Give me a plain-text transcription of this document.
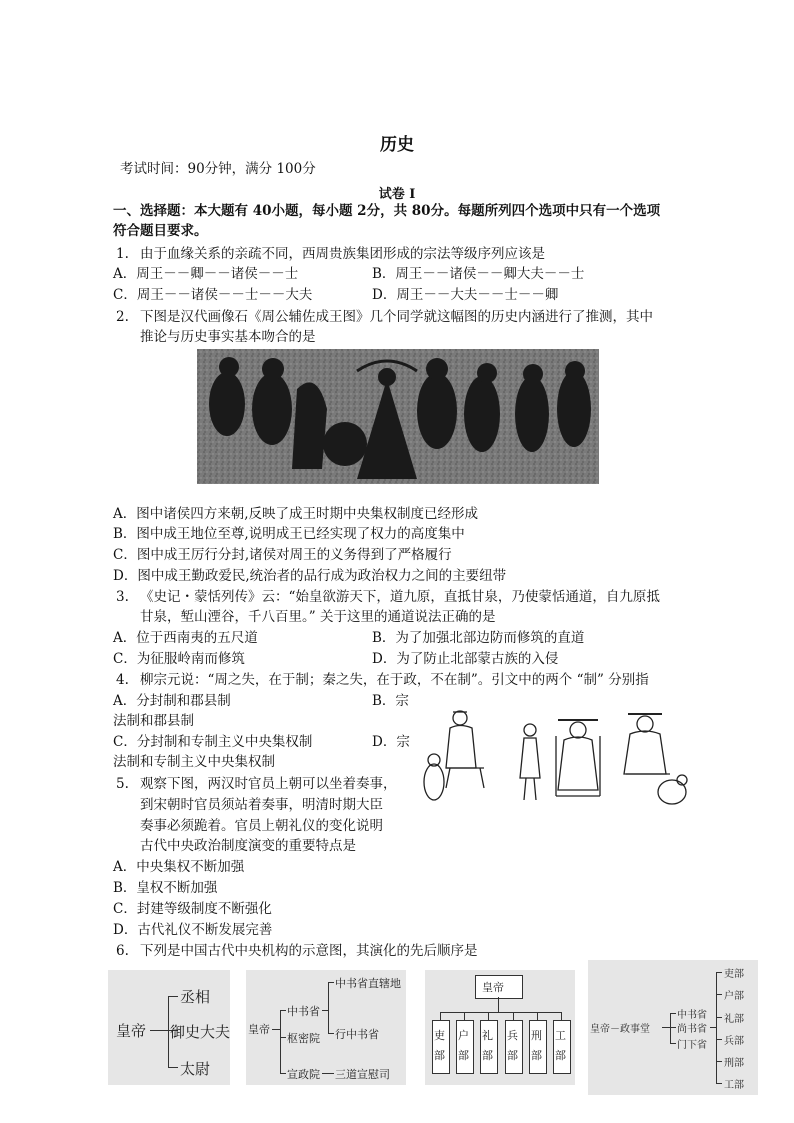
历史
考试时间：90分钟，满分 100分
试卷 I
一、选择题：本大题有 40小题，每小题 2分，共 80分。每题所列四个选项中只有一个选项
符合题目要求。
1. 由于血缘关系的亲疏不同，西周贵族集团形成的宗法等级序列应该是
A．周王－－卿－－诸侯－－士	B．周王－－诸侯－－卿大夫－－士
C．周王－－诸侯－－士－－大夫	D．周王－－大夫－－士－－卿
2. 下图是汉代画像石《周公辅佐成王图》几个同学就这幅图的历史内涵进行了推测，其中
推论与历史事实基本吻合的是
A．图中诸侯四方来朝,反映了成王时期中央集权制度已经形成
B．图中成王地位至尊,说明成王已经实现了权力的高度集中
C．图中成王厉行分封,诸侯对周王的义务得到了严格履行
D．图中成王勤政爱民,统治者的品行成为政治权力之间的主要纽带
3. 《史记・蒙恬列传》云：“始皇欲游天下，道九原，直抵甘泉，乃使蒙恬通道，自九原抵
甘泉，堑山湮谷，千八百里。” 关于这里的通道说法正确的是
A．位于西南夷的五尺道	B．为了加强北部边防而修筑的直道
C．为征服岭南而修筑	D．为了防止北部蒙古族的入侵
4. 柳宗元说：“周之失，在于制；秦之失，在于政，不在制”。引文中的两个 “制” 分别指
A．分封制和郡县制	B．宗
法制和郡县制
C．分封制和专制主义中央集权制	D．宗
法制和专制主义中央集权制
5. 观察下图，两汉时官员上朝可以坐着奏事，
到宋朝时官员须站着奏事，明清时期大臣
奏事必须跪着。官员上朝礼仪的变化说明
古代中央政治制度演变的重要特点是
A．中央集权不断加强
B．皇权不断加强
C．封建等级制度不断强化
D．古代礼仪不断发展完善
6. 下列是中国古代中央机构的示意图，其演化的先后顺序是
皇帝
丞相
御史大夫
太尉
皇帝
中书省
枢密院
宣政院
中书省直辖地
行中书省
三道宣慰司
皇帝
吏部
户部
礼部
兵部
刑部
工部
皇帝－政事堂
中书省
尚书省
门下省
吏部
户部
礼部
兵部
刑部
工部
